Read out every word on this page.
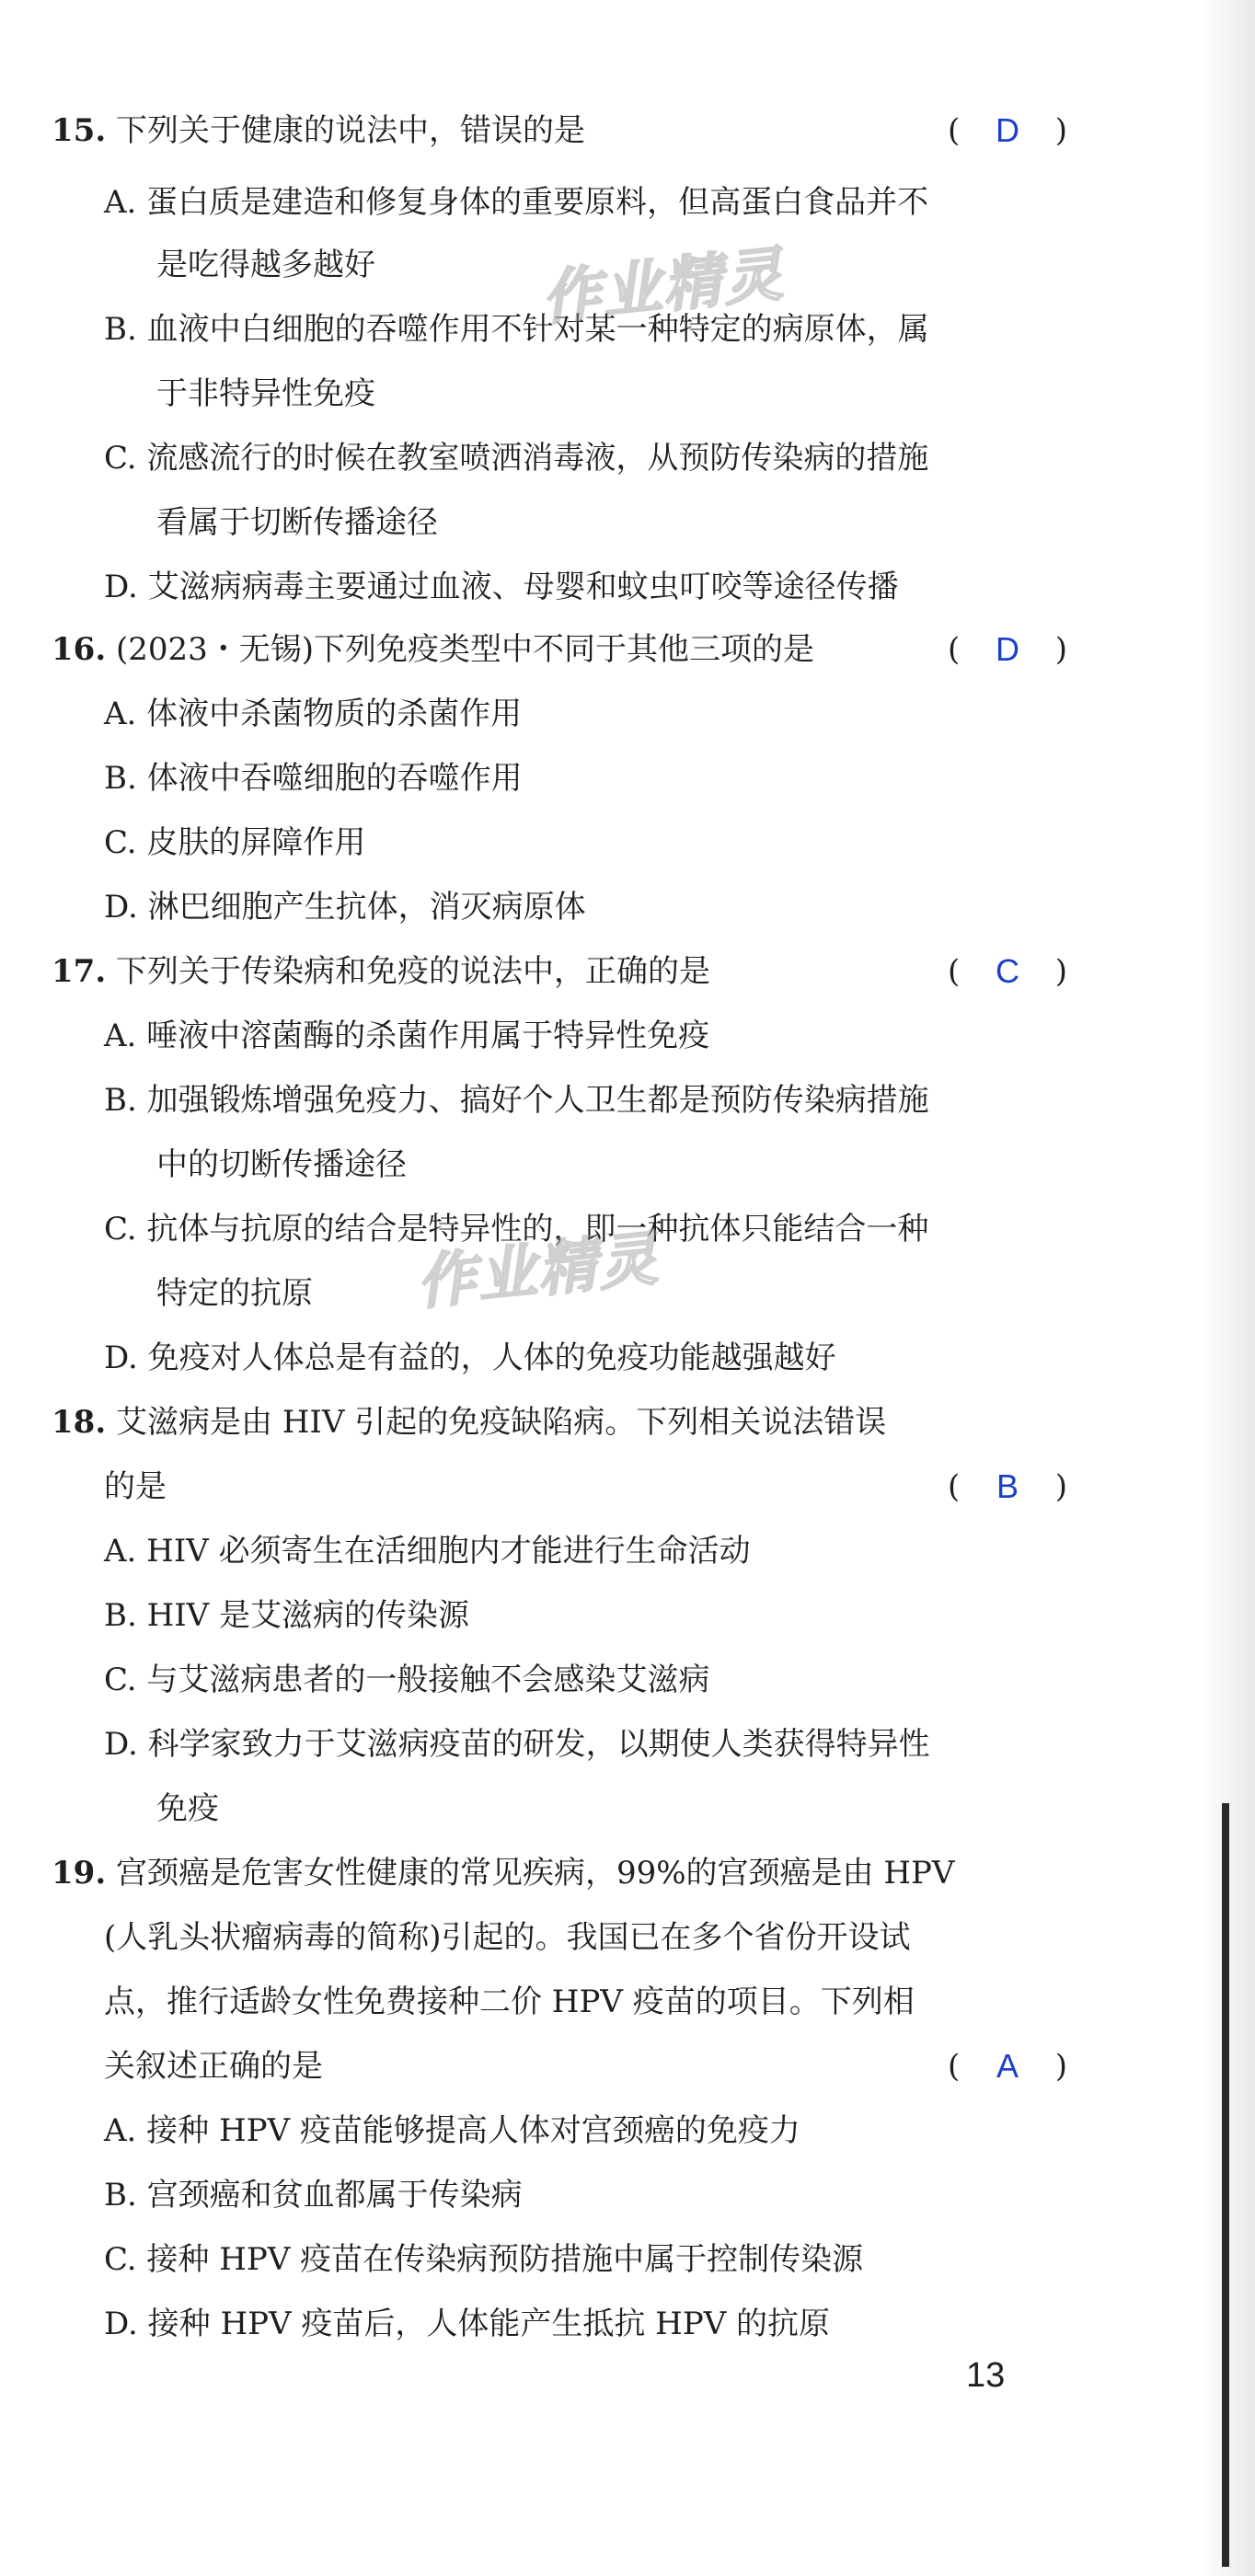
15. 下列关于健康的说法中，错误的是	( D )
A. 蛋白质是建造和修复身体的重要原料，但高蛋白食品并不
是吃得越多越好
B. 血液中白细胞的吞噬作用不针对某一种特定的病原体，属
于非特异性免疫
C. 流感流行的时候在教室喷洒消毒液，从预防传染病的措施
看属于切断传播途径
D. 艾滋病病毒主要通过血液、母婴和蚊虫叮咬等途径传播
16. (2023・无锡)下列免疫类型中不同于其他三项的是	( D )
A. 体液中杀菌物质的杀菌作用
B. 体液中吞噬细胞的吞噬作用
C. 皮肤的屏障作用
D. 淋巴细胞产生抗体，消灭病原体
17. 下列关于传染病和免疫的说法中，正确的是	( C )
A. 唾液中溶菌酶的杀菌作用属于特异性免疫
B. 加强锻炼增强免疫力、搞好个人卫生都是预防传染病措施
中的切断传播途径
C. 抗体与抗原的结合是特异性的，即一种抗体只能结合一种
特定的抗原
D. 免疫对人体总是有益的，人体的免疫功能越强越好
18. 艾滋病是由 HIV 引起的免疫缺陷病。下列相关说法错误
的是	( B )
A. HIV 必须寄生在活细胞内才能进行生命活动
B. HIV 是艾滋病的传染源
C. 与艾滋病患者的一般接触不会感染艾滋病
D. 科学家致力于艾滋病疫苗的研发，以期使人类获得特异性
免疫
19. 宫颈癌是危害女性健康的常见疾病，99%的宫颈癌是由 HPV
(人乳头状瘤病毒的简称)引起的。我国已在多个省份开设试
点，推行适龄女性免费接种二价 HPV 疫苗的项目。下列相
关叙述正确的是	( A )
A. 接种 HPV 疫苗能够提高人体对宫颈癌的免疫力
B. 宫颈癌和贫血都属于传染病
C. 接种 HPV 疫苗在传染病预防措施中属于控制传染源
D. 接种 HPV 疫苗后，人体能产生抵抗 HPV 的抗原
作业精灵
作业精灵
13
